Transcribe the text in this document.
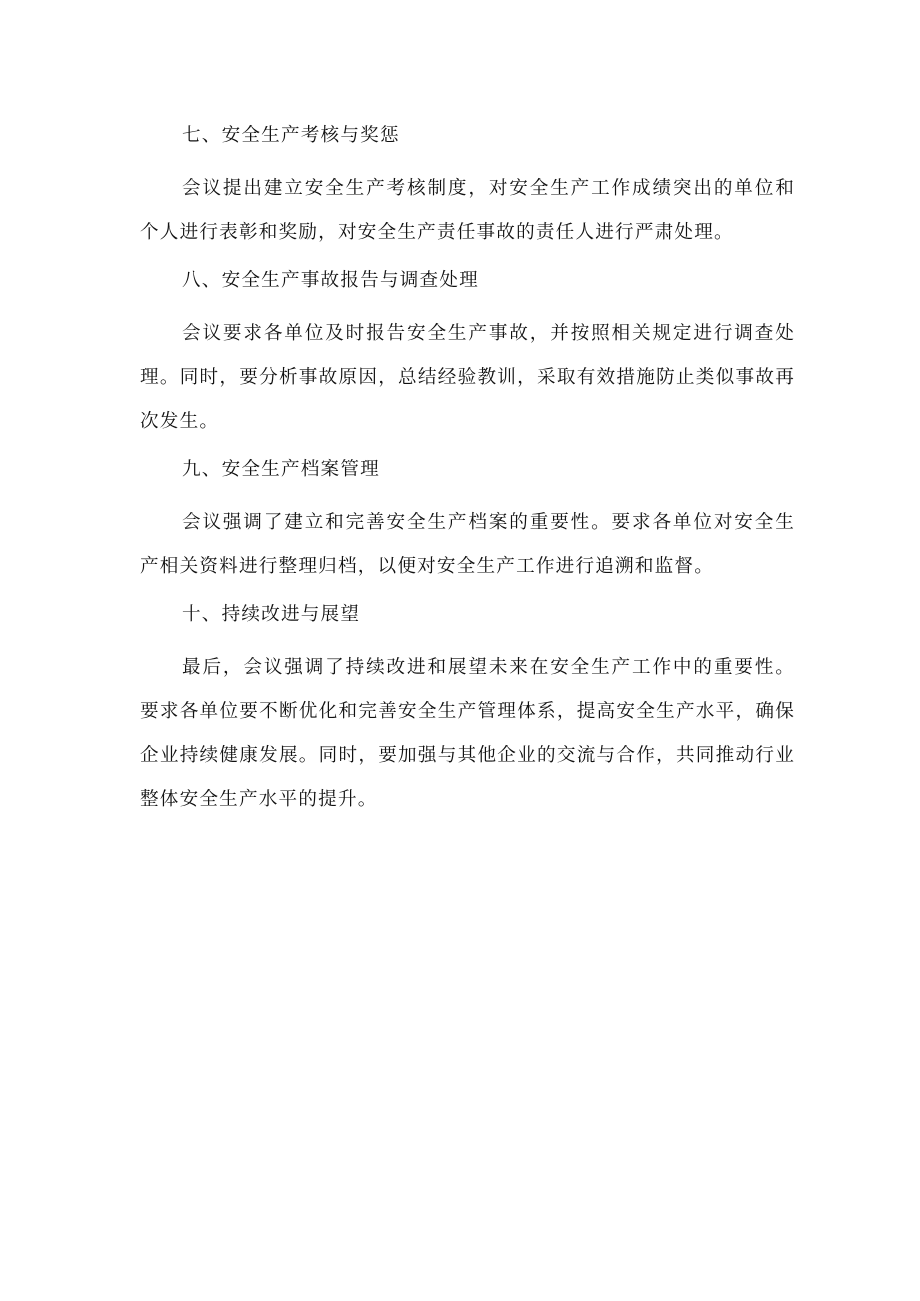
七、安全生产考核与奖惩

会议提出建立安全生产考核制度，对安全生产工作成绩突出的单位和个人进行表彰和奖励，对安全生产责任事故的责任人进行严肃处理。

八、安全生产事故报告与调查处理

会议要求各单位及时报告安全生产事故，并按照相关规定进行调查处理。同时，要分析事故原因，总结经验教训，采取有效措施防止类似事故再次发生。

九、安全生产档案管理

会议强调了建立和完善安全生产档案的重要性。要求各单位对安全生产相关资料进行整理归档，以便对安全生产工作进行追溯和监督。

十、持续改进与展望

最后，会议强调了持续改进和展望未来在安全生产工作中的重要性。要求各单位要不断优化和完善安全生产管理体系，提高安全生产水平，确保企业持续健康发展。同时，要加强与其他企业的交流与合作，共同推动行业整体安全生产水平的提升。
